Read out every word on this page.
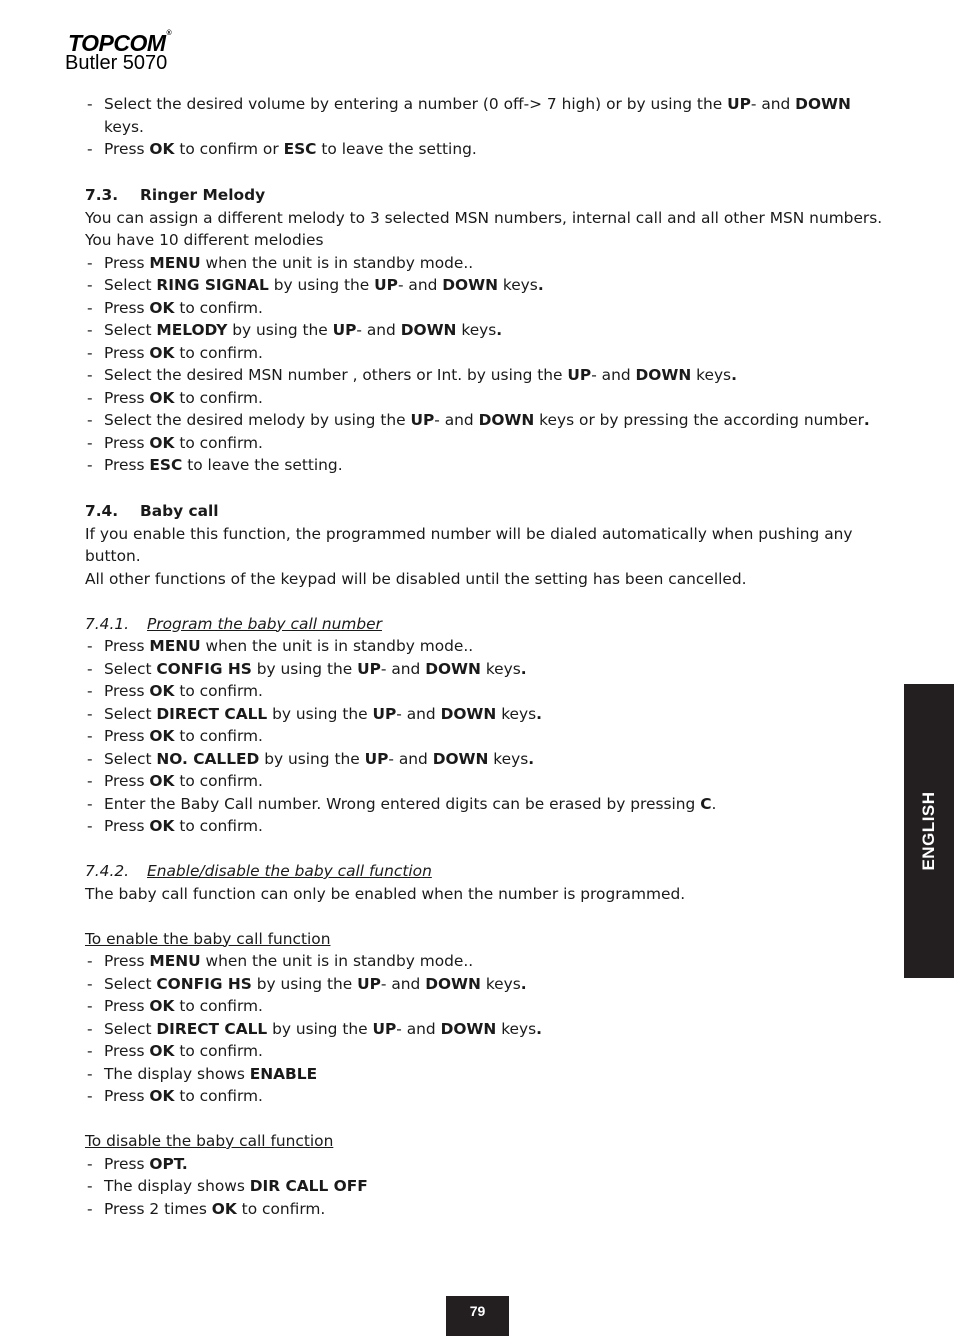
TOPCOM®
Butler 5070
- Select the desired volume by entering a number (0 off-> 7 high) or by using the UP- and DOWN keys.
- Press OK to confirm or ESC to leave the setting.
7.3. Ringer Melody
You can assign a different melody to 3 selected MSN numbers, internal call and all other MSN numbers.
You have 10 different melodies
- Press MENU when the unit is in standby mode..
- Select RING SIGNAL by using the UP- and DOWN keys.
- Press OK to confirm.
- Select MELODY by using the UP- and DOWN keys.
- Press OK to confirm.
- Select the desired MSN number , others or Int. by using the UP- and DOWN keys.
- Press OK to confirm.
- Select the desired melody by using the UP- and DOWN keys or by pressing the according number.
- Press OK to confirm.
- Press ESC to leave the setting.
7.4. Baby call
If you enable this function, the programmed number will be dialed automatically when pushing any button.
All other functions of the keypad will be disabled until the setting has been cancelled.
7.4.1. Program the baby call number
- Press MENU when the unit is in standby mode..
- Select CONFIG HS by using the UP- and DOWN keys.
- Press OK to confirm.
- Select DIRECT CALL by using the UP- and DOWN keys.
- Press OK to confirm.
- Select NO. CALLED by using the UP- and DOWN keys.
- Press OK to confirm.
- Enter the Baby Call number. Wrong entered digits can be erased by pressing C.
- Press OK to confirm.
7.4.2. Enable/disable the baby call function
The baby call function can only be enabled when the number is programmed.
To enable the baby call function
- Press MENU when the unit is in standby mode..
- Select CONFIG HS by using the UP- and DOWN keys.
- Press OK to confirm.
- Select DIRECT CALL by using the UP- and DOWN keys.
- Press OK to confirm.
- The display shows ENABLE
- Press OK to confirm.
To disable the baby call function
- Press OPT.
- The display shows DIR CALL OFF
- Press 2 times OK to confirm.
ENGLISH
79
